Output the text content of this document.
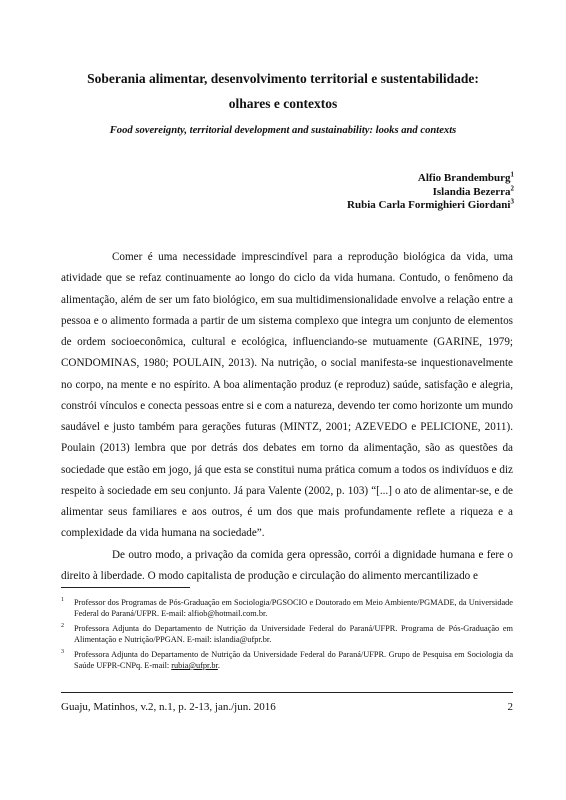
Soberania alimentar, desenvolvimento territorial e sustentabilidade:
olhares e contextos
Food sovereignty, territorial development and sustainability: looks and contexts
Alfio Brandemburg$^1$
Islandia Bezerra$^2$
Rubia Carla Formighieri Giordani$^3$

Comer é uma necessidade imprescindível para a reprodução biológica da vida, uma atividade que se refaz continuamente ao longo do ciclo da vida humana. Contudo, o fenômeno da alimentação, além de ser um fato biológico, em sua multidimensionalidade envolve a relação entre a pessoa e o alimento formada a partir de um sistema complexo que integra um conjunto de elementos de ordem socioeconômica, cultural e ecológica, influenciando-se mutuamente (GARINE, 1979; CONDOMINAS, 1980; POULAIN, 2013). Na nutrição, o social manifesta-se inquestionavelmente no corpo, na mente e no espírito. A boa alimentação produz (e reproduz) saúde, satisfação e alegria, constrói vínculos e conecta pessoas entre si e com a natureza, devendo ter como horizonte um mundo saudável e justo também para gerações futuras (MINTZ, 2001; AZEVEDO e PELICIONE, 2011). Poulain (2013) lembra que por detrás dos debates em torno da alimentação, são as questões da sociedade que estão em jogo, já que esta se constitui numa prática comum a todos os indivíduos e diz respeito à sociedade em seu conjunto. Já para Valente (2002, p. 103) “[...] o ato de alimentar-se, e de alimentar seus familiares e aos outros, é um dos que mais profundamente reflete a riqueza e a complexidade da vida humana na sociedade”.

De outro modo, a privação da comida gera opressão, corrói a dignidade humana e fere o direito à liberdade. O modo capitalista de produção e circulação do alimento mercantilizado e

1 Professor dos Programas de Pós-Graduação em Sociologia/PGSOCIO e Doutorado em Meio Ambiente/PGMADE, da Universidade Federal do Paraná/UFPR. E-mail: alfiob@hotmail.com.br.
2 Professora Adjunta do Departamento de Nutrição da Universidade Federal do Paraná/UFPR. Programa de Pós-Graduação em Alimentação e Nutrição/PPGAN. E-mail: islandia@ufpr.br.
3 Professora Adjunta do Departamento de Nutrição da Universidade Federal do Paraná/UFPR. Grupo de Pesquisa em Sociologia da Saúde UFPR-CNPq. E-mail: rubia@ufpr.br.
Guaju, Matinhos, v.2, n.1, p. 2-13, jan./jun. 2016	2
